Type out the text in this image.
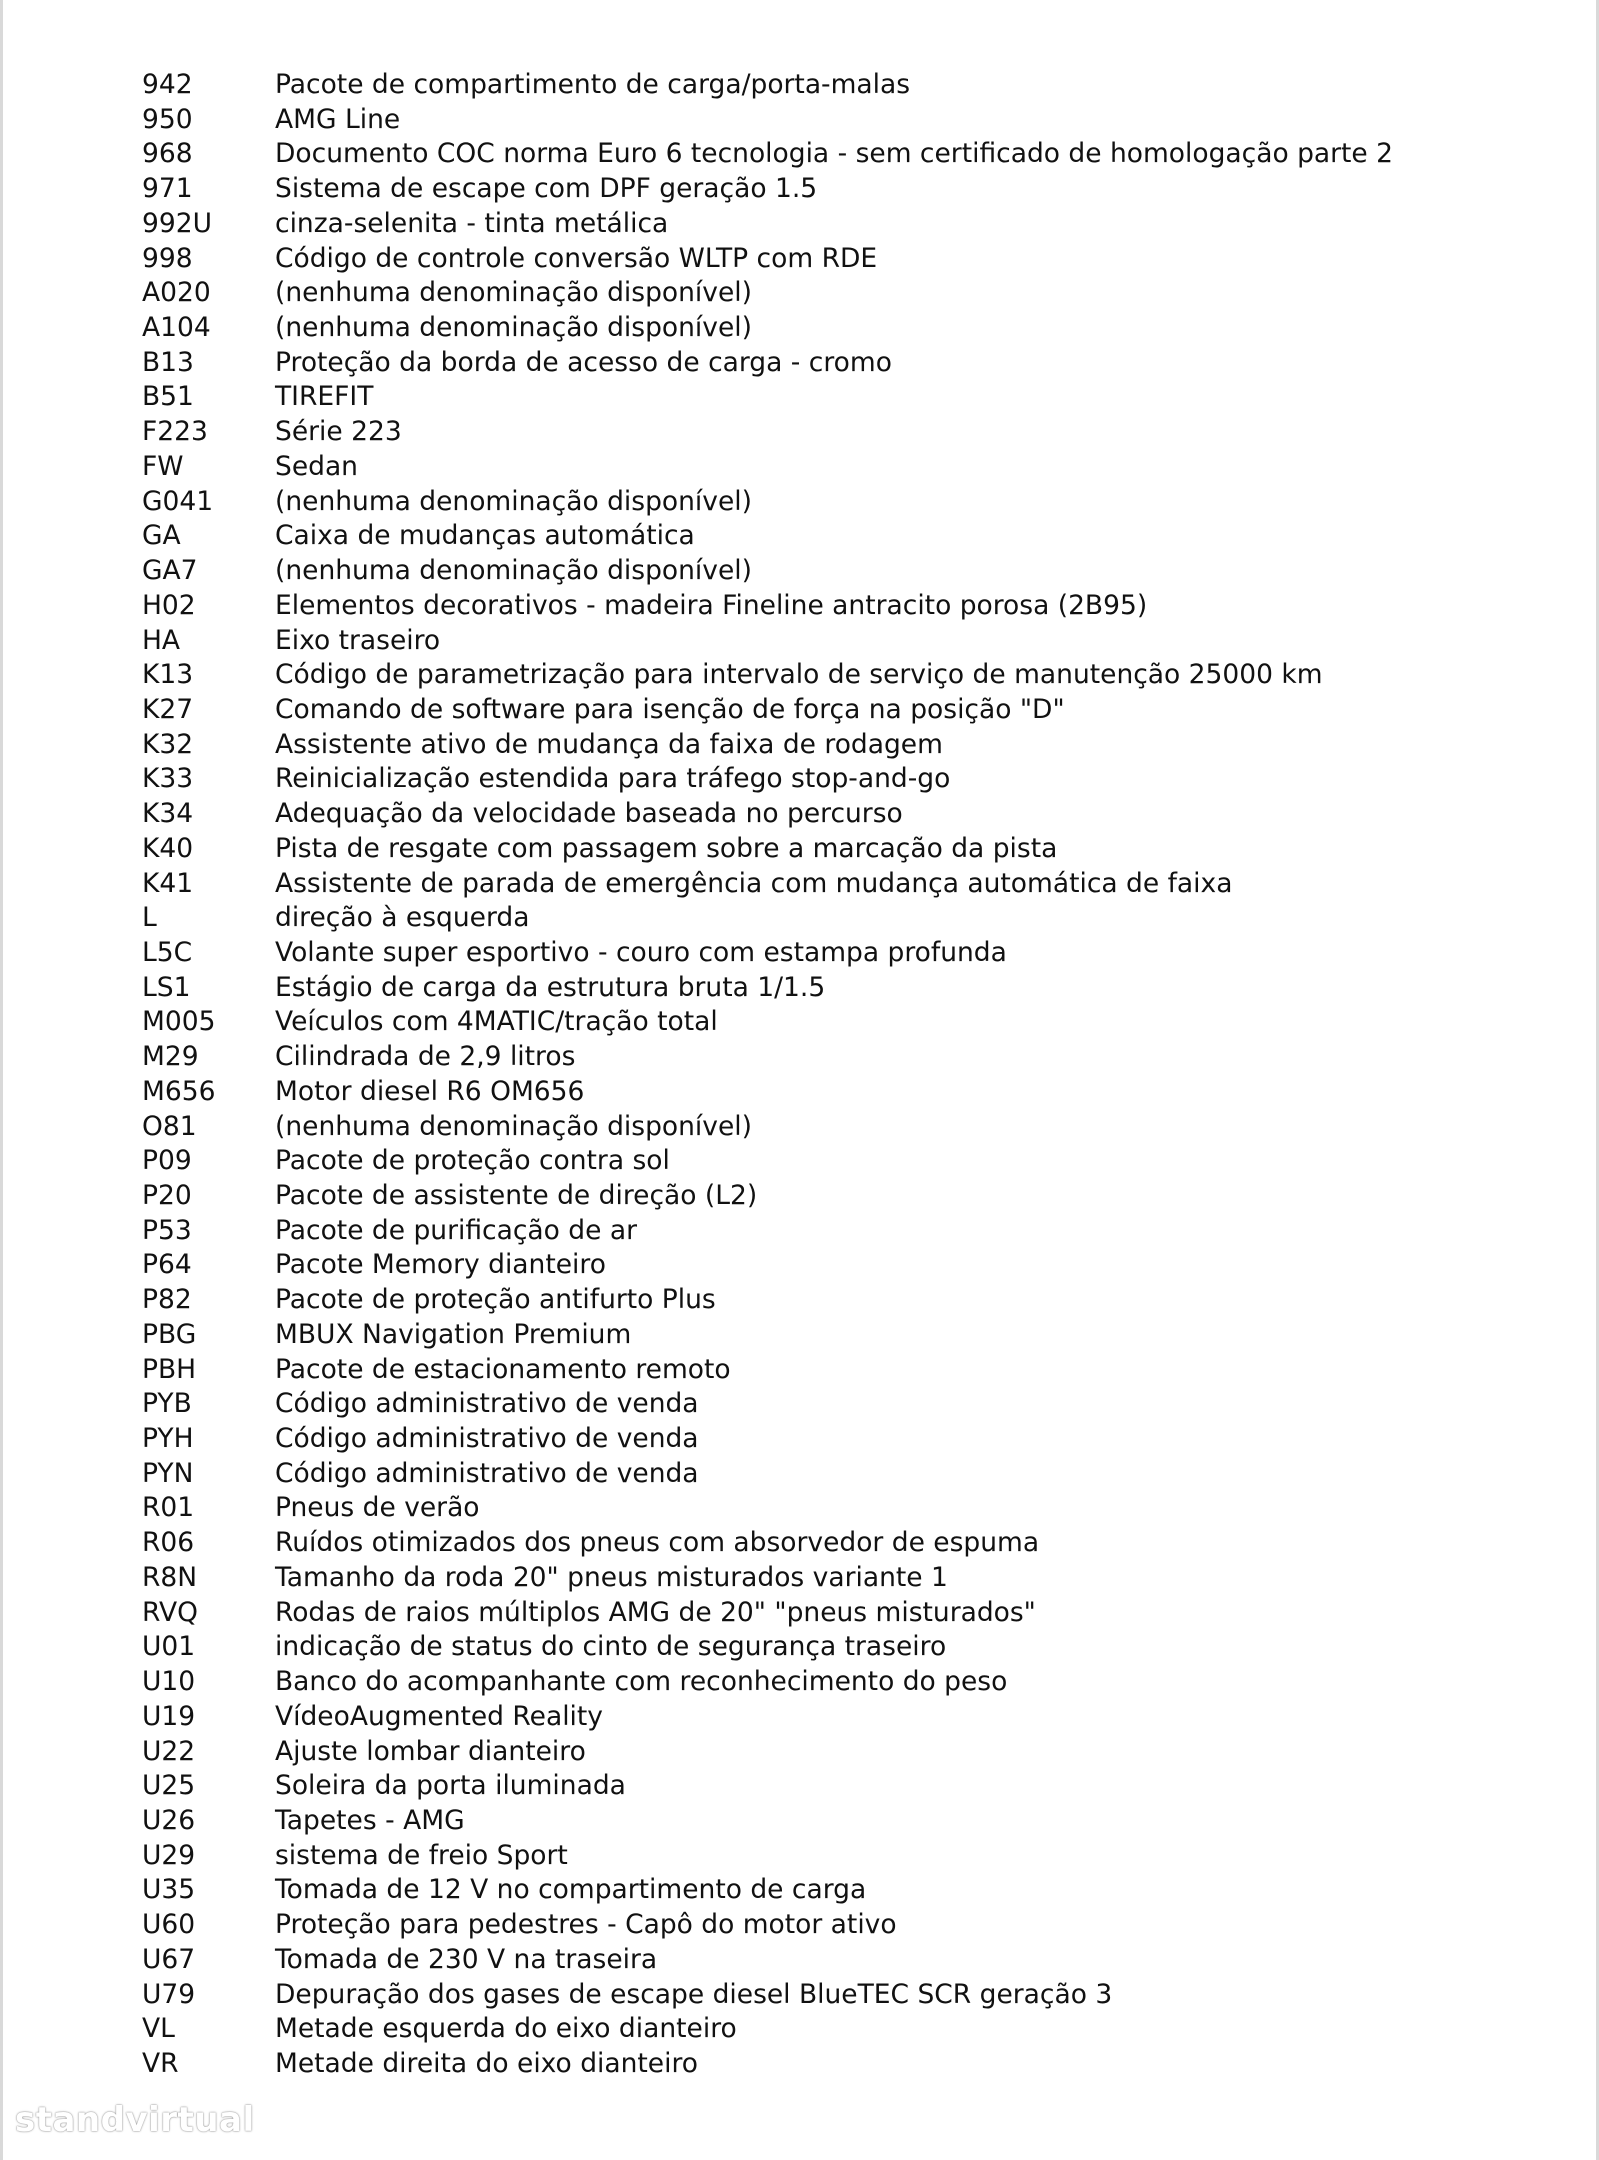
942	Pacote de compartimento de carga/porta-malas
950	AMG Line
968	Documento COC norma Euro 6 tecnologia - sem certificado de homologação parte 2
971	Sistema de escape com DPF geração 1.5
992U	cinza-selenita - tinta metálica
998	Código de controle conversão WLTP com RDE
A020	(nenhuma denominação disponível)
A104	(nenhuma denominação disponível)
B13	Proteção da borda de acesso de carga - cromo
B51	TIREFIT
F223	Série 223
FW	Sedan
G041	(nenhuma denominação disponível)
GA	Caixa de mudanças automática
GA7	(nenhuma denominação disponível)
H02	Elementos decorativos - madeira Fineline antracito porosa (2B95)
HA	Eixo traseiro
K13	Código de parametrização para intervalo de serviço de manutenção 25000 km
K27	Comando de software para isenção de força na posição "D"
K32	Assistente ativo de mudança da faixa de rodagem
K33	Reinicialização estendida para tráfego stop-and-go
K34	Adequação da velocidade baseada no percurso
K40	Pista de resgate com passagem sobre a marcação da pista
K41	Assistente de parada de emergência com mudança automática de faixa
L	direção à esquerda
L5C	Volante super esportivo - couro com estampa profunda
LS1	Estágio de carga da estrutura bruta 1/1.5
M005	Veículos com 4MATIC/tração total
M29	Cilindrada de 2,9 litros
M656	Motor diesel R6 OM656
O81	(nenhuma denominação disponível)
P09	Pacote de proteção contra sol
P20	Pacote de assistente de direção (L2)
P53	Pacote de purificação de ar
P64	Pacote Memory dianteiro
P82	Pacote de proteção antifurto Plus
PBG	MBUX Navigation Premium
PBH	Pacote de estacionamento remoto
PYB	Código administrativo de venda
PYH	Código administrativo de venda
PYN	Código administrativo de venda
R01	Pneus de verão
R06	Ruídos otimizados dos pneus com absorvedor de espuma
R8N	Tamanho da roda 20" pneus misturados variante 1
RVQ	Rodas de raios múltiplos AMG de 20" "pneus misturados"
U01	indicação de status do cinto de segurança traseiro
U10	Banco do acompanhante com reconhecimento do peso
U19	VídeoAugmented Reality
U22	Ajuste lombar dianteiro
U25	Soleira da porta iluminada
U26	Tapetes - AMG
U29	sistema de freio Sport
U35	Tomada de 12 V no compartimento de carga
U60	Proteção para pedestres - Capô do motor ativo
U67	Tomada de 230 V na traseira
U79	Depuração dos gases de escape diesel BlueTEC SCR geração 3
VL	Metade esquerda do eixo dianteiro
VR	Metade direita do eixo dianteiro
standvirtual
